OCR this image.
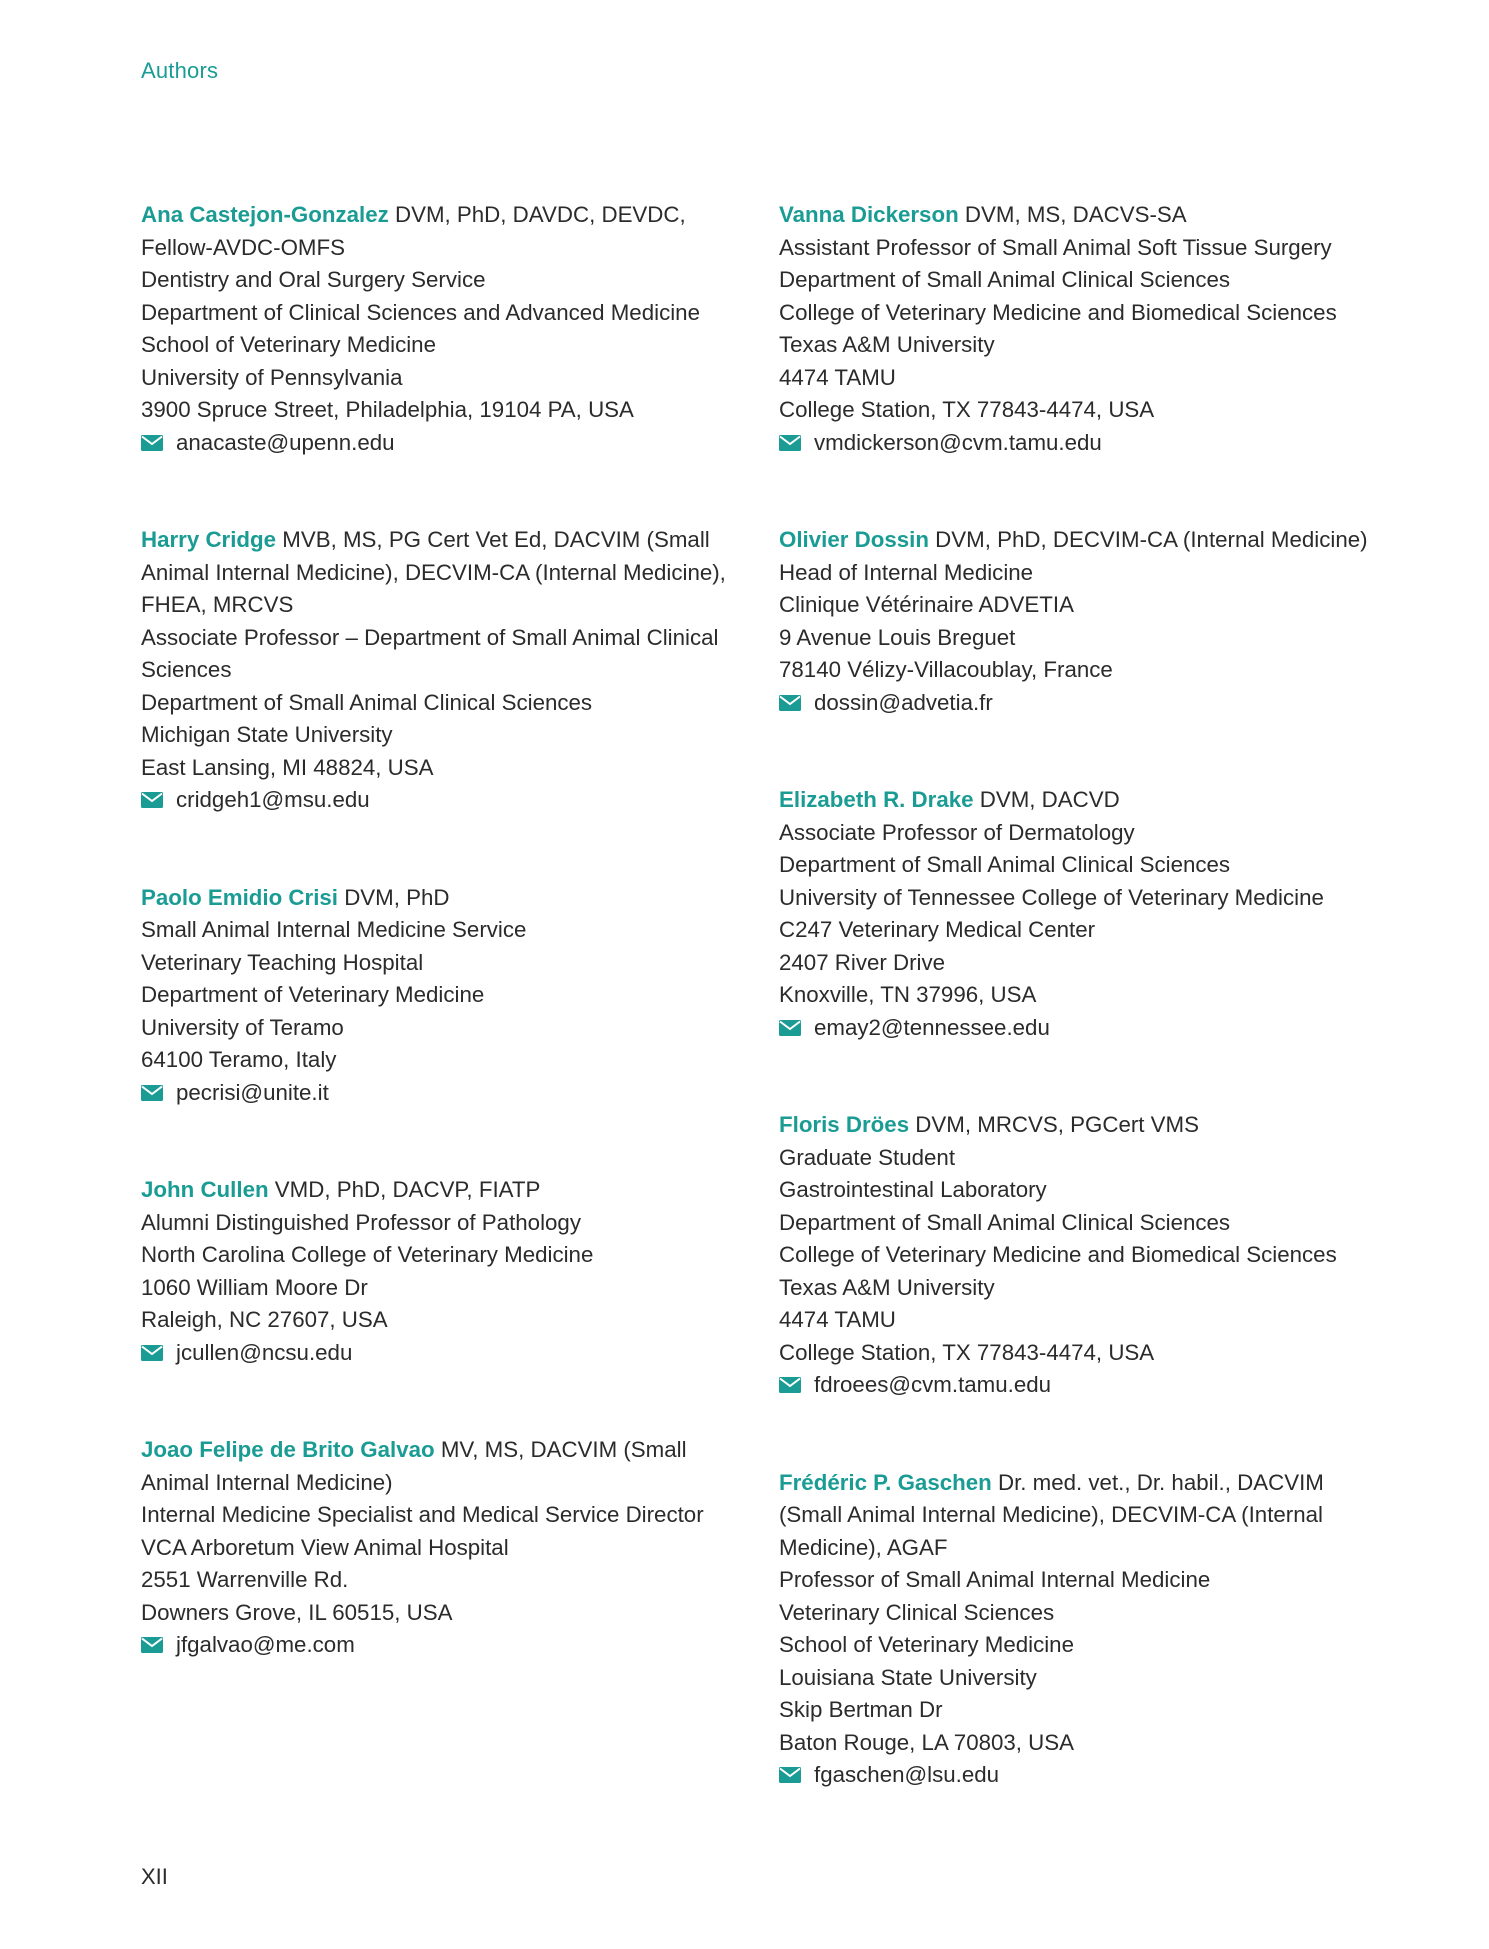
Authors
Ana Castejon-Gonzalez DVM, PhD, DAVDC, DEVDC,
Fellow-AVDC-OMFS
Dentistry and Oral Surgery Service
Department of Clinical Sciences and Advanced Medicine
School of Veterinary Medicine
University of Pennsylvania
3900 Spruce Street, Philadelphia, 19104 PA, USA
anacaste@upenn.edu
Harry Cridge MVB, MS, PG Cert Vet Ed, DACVIM (Small
Animal Internal Medicine), DECVIM-CA (Internal Medicine),
FHEA, MRCVS
Associate Professor – Department of Small Animal Clinical
Sciences
Department of Small Animal Clinical Sciences
Michigan State University
East Lansing, MI 48824, USA
cridgeh1@msu.edu
Paolo Emidio Crisi DVM, PhD
Small Animal Internal Medicine Service
Veterinary Teaching Hospital
Department of Veterinary Medicine
University of Teramo
64100 Teramo, Italy
pecrisi@unite.it
John Cullen VMD, PhD, DACVP, FIATP
Alumni Distinguished Professor of Pathology
North Carolina College of Veterinary Medicine
1060 William Moore Dr
Raleigh, NC 27607, USA
jcullen@ncsu.edu
Joao Felipe de Brito Galvao MV, MS, DACVIM (Small
Animal Internal Medicine)
Internal Medicine Specialist and Medical Service Director
VCA Arboretum View Animal Hospital
2551 Warrenville Rd.
Downers Grove, IL 60515, USA
jfgalvao@me.com
Vanna Dickerson DVM, MS, DACVS-SA
Assistant Professor of Small Animal Soft Tissue Surgery
Department of Small Animal Clinical Sciences
College of Veterinary Medicine and Biomedical Sciences
Texas A&M University
4474 TAMU
College Station, TX 77843-4474, USA
vmdickerson@cvm.tamu.edu
Olivier Dossin DVM, PhD, DECVIM-CA (Internal Medicine)
Head of Internal Medicine
Clinique Vétérinaire ADVETIA
9 Avenue Louis Breguet
78140 Vélizy-Villacoublay, France
dossin@advetia.fr
Elizabeth R. Drake DVM, DACVD
Associate Professor of Dermatology
Department of Small Animal Clinical Sciences
University of Tennessee College of Veterinary Medicine
C247 Veterinary Medical Center
2407 River Drive
Knoxville, TN 37996, USA
emay2@tennessee.edu
Floris Dröes DVM, MRCVS, PGCert VMS
Graduate Student
Gastrointestinal Laboratory
Department of Small Animal Clinical Sciences
College of Veterinary Medicine and Biomedical Sciences
Texas A&M University
4474 TAMU
College Station, TX 77843-4474, USA
fdroees@cvm.tamu.edu
Frédéric P. Gaschen Dr. med. vet., Dr. habil., DACVIM
(Small Animal Internal Medicine), DECVIM-CA (Internal
Medicine), AGAF
Professor of Small Animal Internal Medicine
Veterinary Clinical Sciences
School of Veterinary Medicine
Louisiana State University
Skip Bertman Dr
Baton Rouge, LA 70803, USA
fgaschen@lsu.edu
XII
